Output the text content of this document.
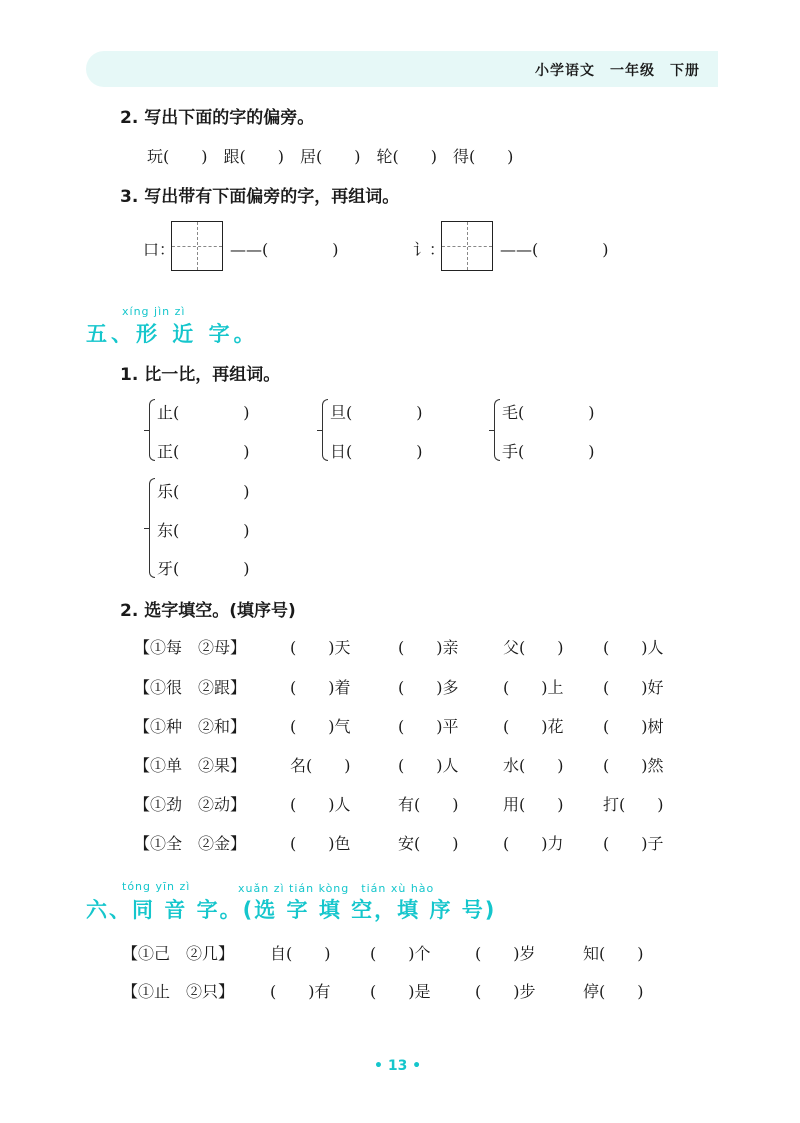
小学语文　一年级　下册
2. 写出下面的字的偏旁。
玩(　　)　跟(　　)　居(　　)　轮(　　)　得(　　)
3. 写出带有下面偏旁的字，再组词。
口：	——(　　　　)	讠：	——(　　　　)
xíng jìn zì
五、形 近 字。
1. 比一比，再组词。
止(　　　　)
正(　　　　)
旦(　　　　)
日(　　　　)
毛(　　　　)
手(　　　　)
乐(　　　　)
东(　　　　)
牙(　　　　)
2. 选字填空。(填序号)
【①每　②母】	(　　)天	(　　)亲	父(　　) (　　)人
【①很　②跟】	(　　)着	(　　)多	(　　)上 (　　)好
【①种　②和】	(　　)气	(　　)平	(　　)花 (　　)树
【①单　②果】	名(　　)	(　　)人	水(　　) (　　)然
【①劲　②动】	(　　)人	有(　　)	用(　　) 打(　　)
【①全　②金】	(　　)色	安(　　)	(　　)力 (　　)子
tóng yīn zì	xuǎn zì tián kòng　tián xù hào
六、同 音 字。(选 字 填 空，填 序 号)
【①己　②几】 自(　　) (　　)个	(　　)岁	知(　　)
【①止　②只】 (　　)有 (　　)是	(　　)步	停(　　)
• 13 •
